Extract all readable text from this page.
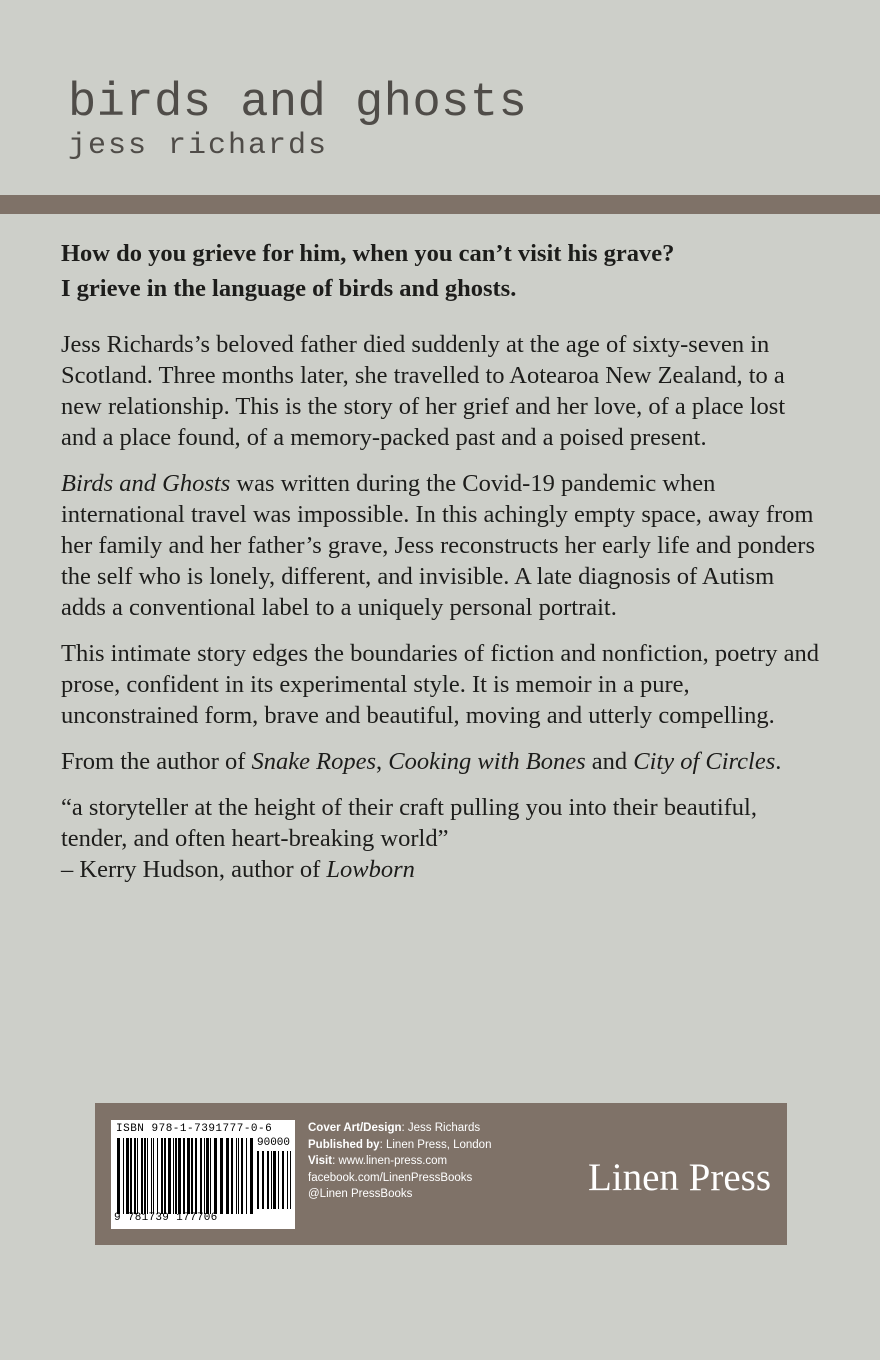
birds and ghosts
jess richards
How do you grieve for him, when you can’t visit his grave?
I grieve in the language of birds and ghosts.

Jess Richards’s beloved father died suddenly at the age of sixty-seven in Scotland. Three months later, she travelled to Aotearoa New Zealand, to a new relationship. This is the story of her grief and her love, of a place lost and a place found, of a memory-packed past and a poised present.

Birds and Ghosts was written during the Covid-19 pandemic when international travel was impossible. In this achingly empty space, away from her family and her father’s grave, Jess reconstructs her early life and ponders the self who is lonely, different, and invisible. A late diagnosis of Autism adds a conventional label to a uniquely personal portrait.

This intimate story edges the boundaries of fiction and nonfiction, poetry and prose, confident in its experimental style. It is memoir in a pure, unconstrained form, brave and beautiful, moving and utterly compelling.

From the author of Snake Ropes, Cooking with Bones and City of Circles.

“a storyteller at the height of their craft pulling you into their beautiful, tender, and often heart-breaking world”
– Kerry Hudson, author of Lowborn

ISBN 978-1-7391777-0-6
90000
9 781739 177706
Cover Art/Design: Jess Richards
Published by: Linen Press, London
Visit: www.linen-press.com
facebook.com/LinenPressBooks
@Linen PressBooks	Linen Press
